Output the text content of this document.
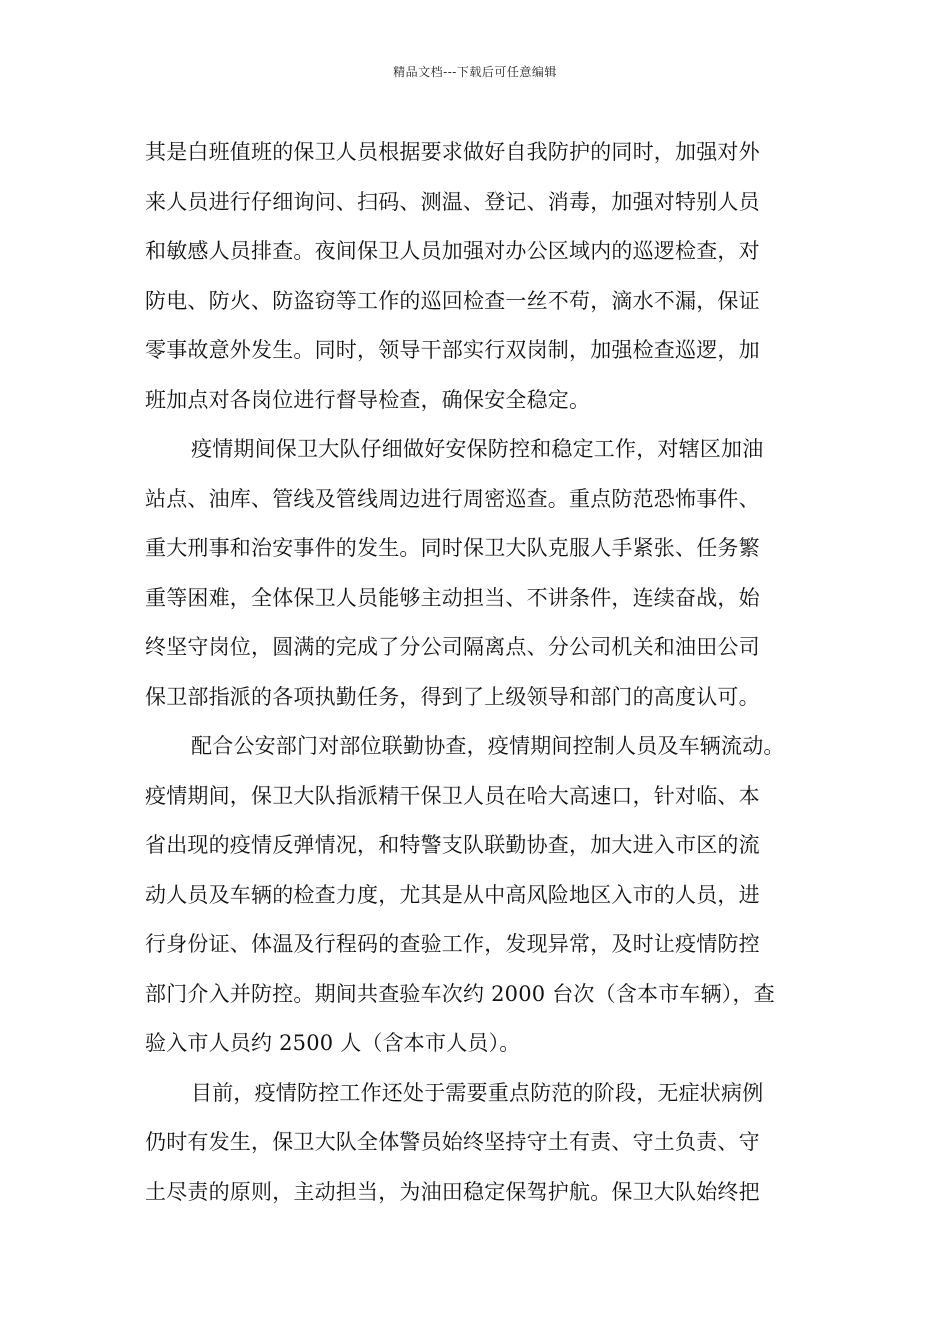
精品文档---下载后可任意编辑
其是白班值班的保卫人员根据要求做好自我防护的同时，加强对外
来人员进行仔细询问、扫码、测温、登记、消毒，加强对特别人员
和敏感人员排查。夜间保卫人员加强对办公区域内的巡逻检查，对
防电、防火、防盗窃等工作的巡回检查一丝不苟，滴水不漏，保证
零事故意外发生。同时，领导干部实行双岗制，加强检查巡逻，加
班加点对各岗位进行督导检查，确保安全稳定。
疫情期间保卫大队仔细做好安保防控和稳定工作，对辖区加油
站点、油库、管线及管线周边进行周密巡查。重点防范恐怖事件、
重大刑事和治安事件的发生。同时保卫大队克服人手紧张、任务繁
重等困难，全体保卫人员能够主动担当、不讲条件，连续奋战，始
终坚守岗位，圆满的完成了分公司隔离点、分公司机关和油田公司
保卫部指派的各项执勤任务，得到了上级领导和部门的高度认可。
配合公安部门对部位联勤协查，疫情期间控制人员及车辆流动。
疫情期间，保卫大队指派精干保卫人员在哈大高速口，针对临、本
省出现的疫情反弹情况，和特警支队联勤协查，加大进入市区的流
动人员及车辆的检查力度，尤其是从中高风险地区入市的人员，进
行身份证、体温及行程码的查验工作，发现异常，及时让疫情防控
部门介入并防控。期间共查验车次约 2000 台次（含本市车辆），查
验入市人员约 2500 人（含本市人员）。
目前，疫情防控工作还处于需要重点防范的阶段，无症状病例
仍时有发生，保卫大队全体警员始终坚持守土有责、守土负责、守
土尽责的原则，主动担当，为油田稳定保驾护航。保卫大队始终把
